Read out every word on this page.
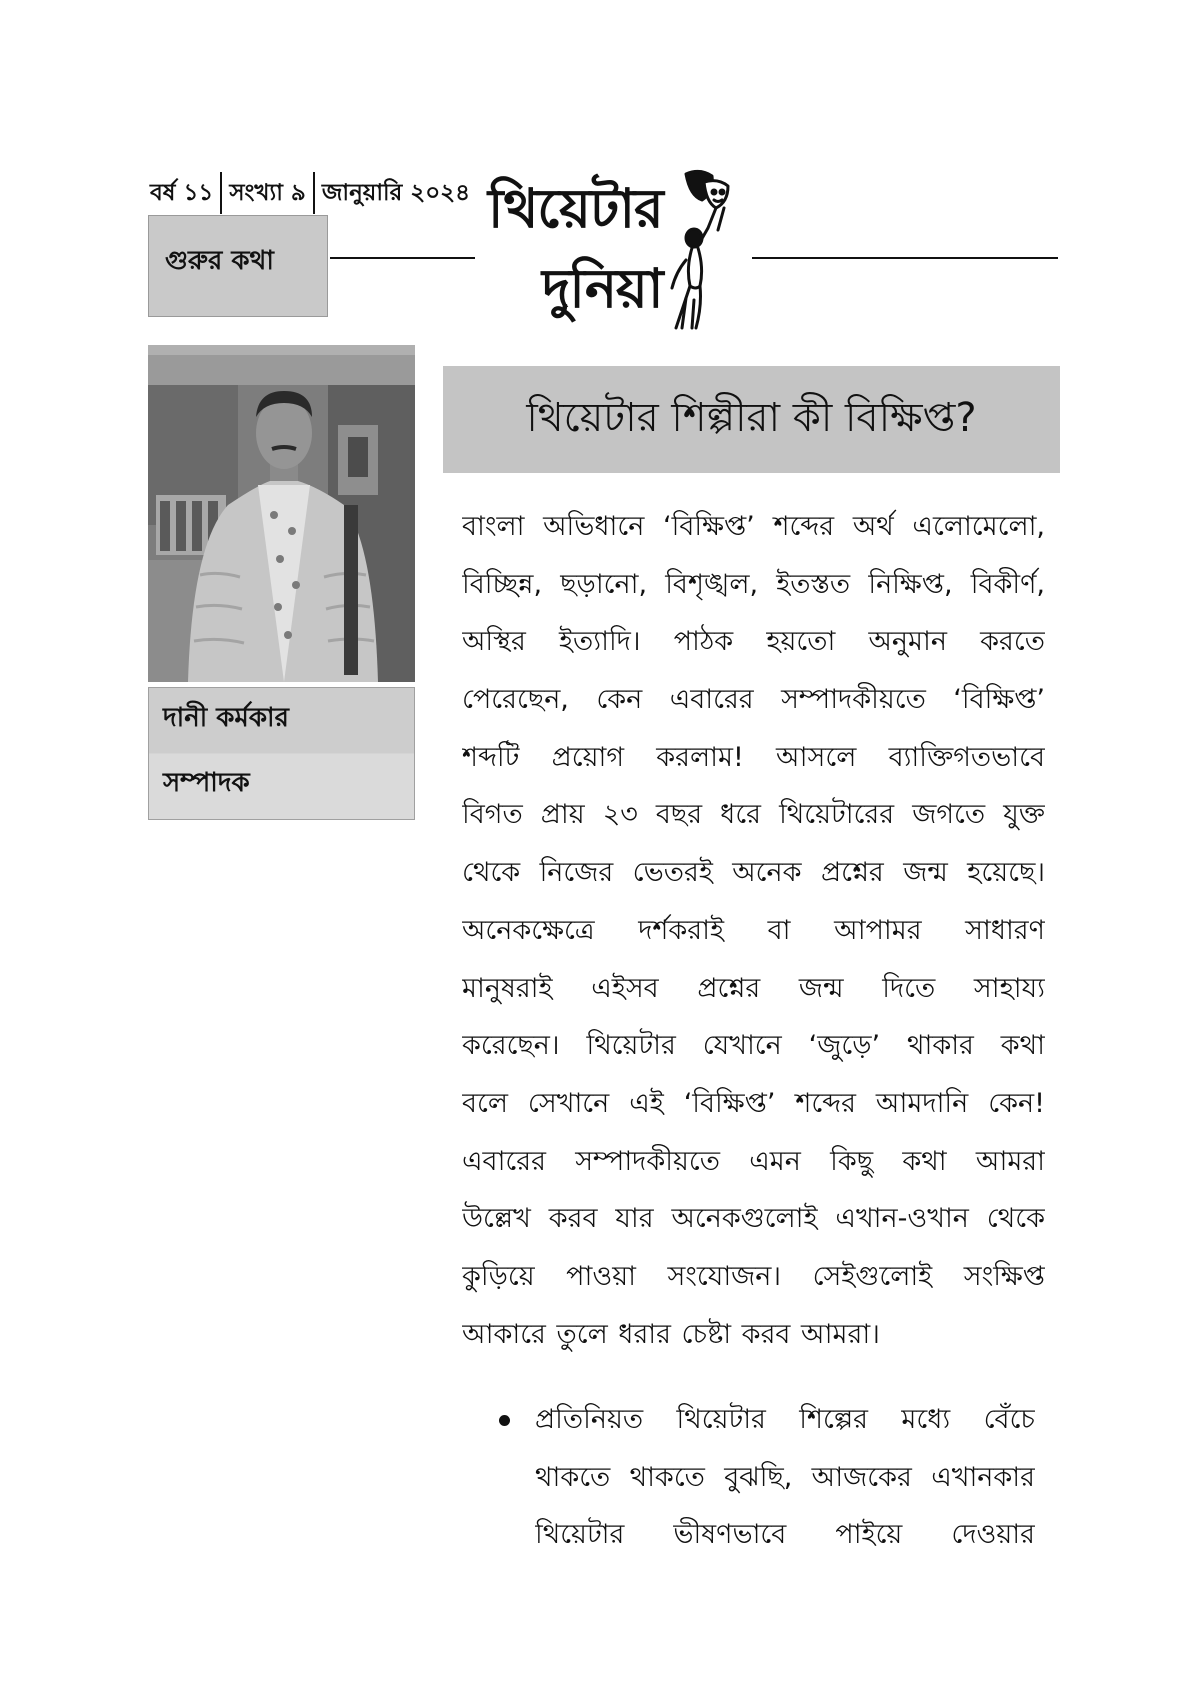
বর্ষ ১১ সংখ্যা ৯ জানুয়ারি ২০২৪
গুরুর কথা
থিয়েটার
দুনিয়া
দানী কর্মকার
সম্পাদক
থিয়েটার শিল্পীরা কী বিক্ষিপ্ত?
বাংলা অভিধানে ‘বিক্ষিপ্ত’ শব্দের অর্থ এলোমেলো,
বিচ্ছিন্ন, ছড়ানো, বিশৃঙ্খল, ইতস্তত নিক্ষিপ্ত, বিকীর্ণ,
অস্থির ইত্যাদি। পাঠক হয়তো অনুমান করতে
পেরেছেন, কেন এবারের সম্পাদকীয়তে ‘বিক্ষিপ্ত’
শব্দটি প্রয়োগ করলাম! আসলে ব্যাক্তিগতভাবে
বিগত প্রায় ২৩ বছর ধরে থিয়েটারের জগতে যুক্ত
থেকে নিজের ভেতরই অনেক প্রশ্নের জন্ম হয়েছে।
অনেকক্ষেত্রে দর্শকরাই বা আপামর সাধারণ
মানুষরাই এইসব প্রশ্নের জন্ম দিতে সাহায্য
করেছেন। থিয়েটার যেখানে ‘জুড়ে’ থাকার কথা
বলে সেখানে এই ‘বিক্ষিপ্ত’ শব্দের আমদানি কেন!
এবারের সম্পাদকীয়তে এমন কিছু কথা আমরা
উল্লেখ করব যার অনেকগুলোই এখান-ওখান থেকে
কুড়িয়ে পাওয়া সংযোজন। সেইগুলোই সংক্ষিপ্ত
আকারে তুলে ধরার চেষ্টা করব আমরা।
প্রতিনিয়ত থিয়েটার শিল্পের মধ্যে বেঁচে
থাকতে থাকতে বুঝছি, আজকের এখানকার
থিয়েটার ভীষণভাবে পাইয়ে দেওয়ার
